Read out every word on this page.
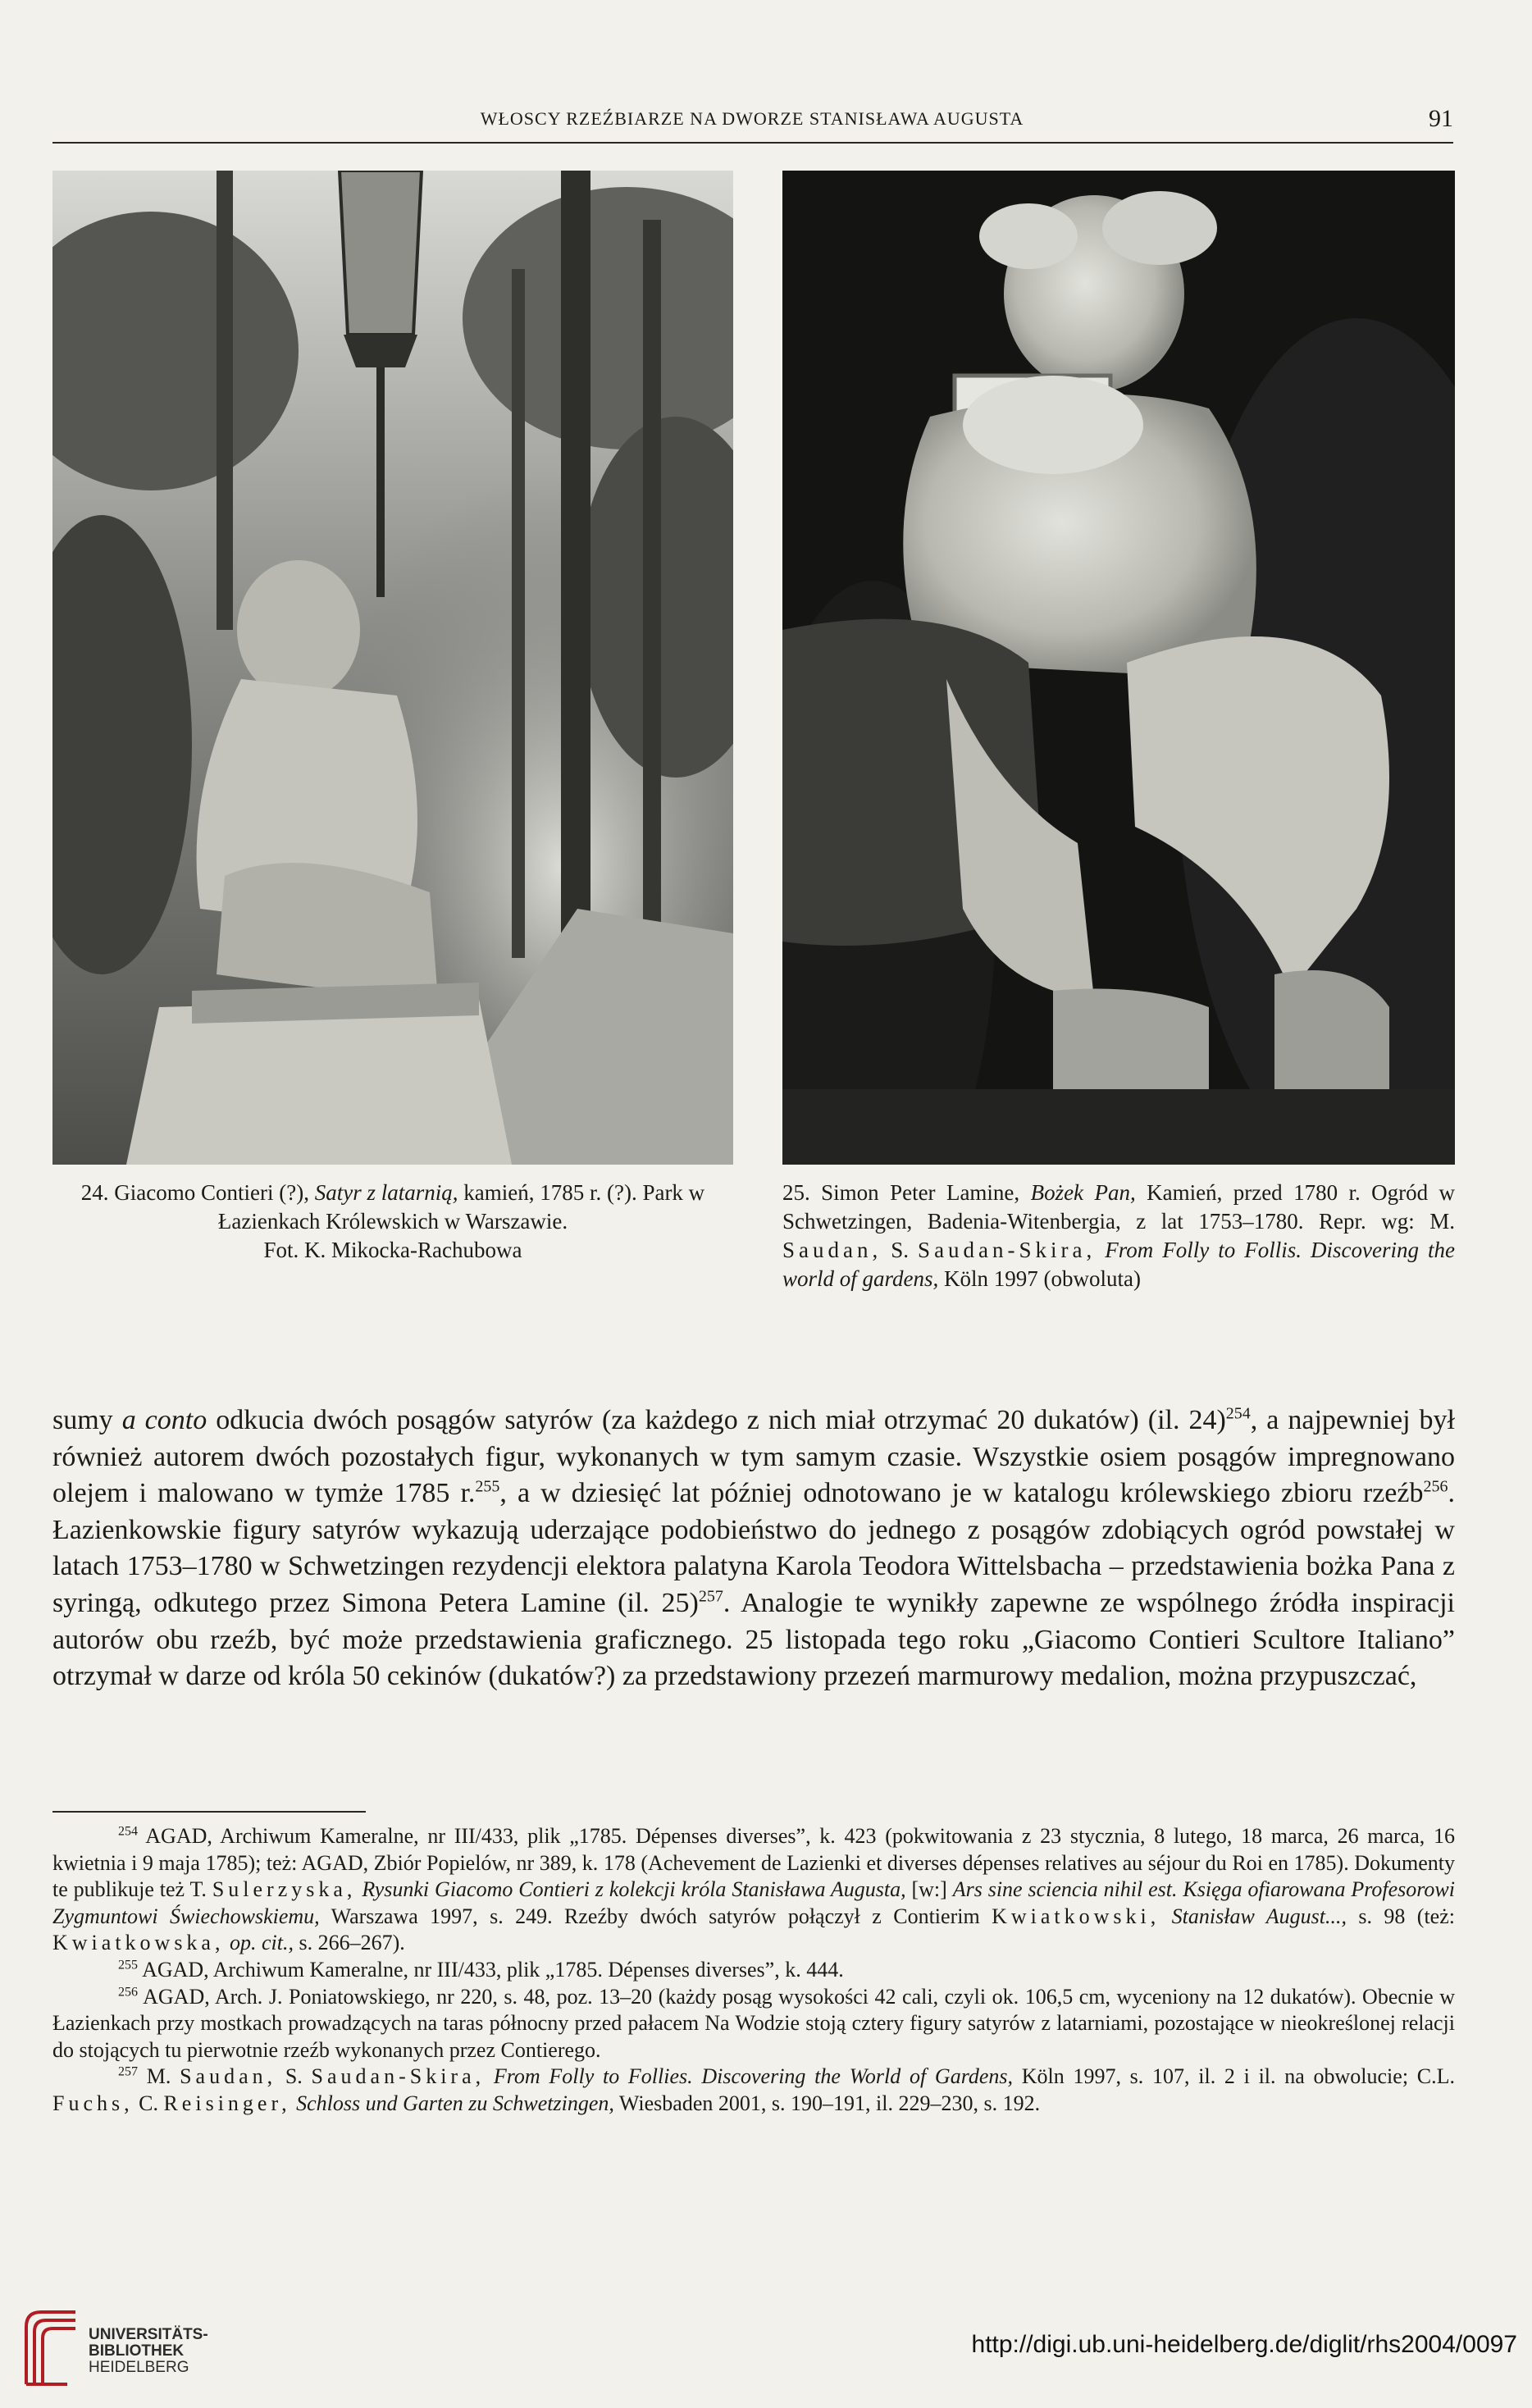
WŁOSCY RZEŹBIARZE NA DWORZE STANISŁAWA AUGUSTA	91
24. Giacomo Contieri (?), Satyr z latarnią, kamień, 1785 r. (?). Park w Łazienkach Królewskich w Warszawie.
Fot. K. Mikocka-Rachubowa
25. Simon Peter Lamine, Bożek Pan, Kamień, przed 1780 r. Ogród w Schwetzingen, Badenia-Witenbergia, z lat 1753–1780. Repr. wg: M. Saudan, S. Saudan-Skira, From Folly to Follis. Discovering the world of gardens, Köln 1997 (obwoluta)
sumy a conto odkucia dwóch posągów satyrów (za każdego z nich miał otrzymać 20 dukatów) (il. 24)$^{254}$, a najpewniej był również autorem dwóch pozostałych figur, wykonanych w tym samym czasie. Wszystkie osiem posągów impregnowano olejem i malowano w tymże 1785 r.$^{255}$, a w dziesięć lat później odnotowano je w katalogu królewskiego zbioru rzeźb$^{256}$. Łazienkowskie figury satyrów wykazują uderzające podobieństwo do jednego z posągów zdobiących ogród powstałej w latach 1753–1780 w Schwetzingen rezydencji elektora palatyna Karola Teodora Wittelsbacha – przedstawienia bożka Pana z syringą, odkutego przez Simona Petera Lamine (il. 25)$^{257}$. Analogie te wynikły zapewne ze wspólnego źródła inspiracji autorów obu rzeźb, być może przedstawienia graficznego. 25 listopada tego roku „Giacomo Contieri Scultore Italiano” otrzymał w darze od króla 50 cekinów (dukatów?) za przedstawiony przezeń marmurowy medalion, można przypuszczać,

$^{254}$ AGAD, Archiwum Kameralne, nr III/433, plik „1785. Dépenses diverses”, k. 423 (pokwitowania z 23 stycznia, 8 lutego, 18 marca, 26 marca, 16 kwietnia i 9 maja 1785); też: AGAD, Zbiór Popielów, nr 389, k. 178 (Achevement de Lazienki et diverses dépenses relatives au séjour du Roi en 1785). Dokumenty te publikuje też T. Sulerzyska, Rysunki Giacomo Contieri z kolekcji króla Stanisława Augusta, [w:] Ars sine sciencia nihil est. Księga ofiarowana Profesorowi Zygmuntowi Świechowskiemu, Warszawa 1997, s. 249. Rzeźby dwóch satyrów połączył z Contierim Kwiatkowski, Stanisław August..., s. 98 (też: Kwiatkowska, op. cit., s. 266–267).

$^{255}$ AGAD, Archiwum Kameralne, nr III/433, plik „1785. Dépenses diverses”, k. 444.

$^{256}$ AGAD, Arch. J. Poniatowskiego, nr 220, s. 48, poz. 13–20 (każdy posąg wysokości 42 cali, czyli ok. 106,5 cm, wyceniony na 12 dukatów). Obecnie w Łazienkach przy mostkach prowadzących na taras północny przed pałacem Na Wodzie stoją cztery figury satyrów z latarniami, pozostające w nieokreślonej relacji do stojących tu pierwotnie rzeźb wykonanych przez Contierego.

$^{257}$ M. Saudan, S. Saudan-Skira, From Folly to Follies. Discovering the World of Gardens, Köln 1997, s. 107, il. 2 i il. na obwolucie; C.L. Fuchs, C. Reisinger, Schloss und Garten zu Schwetzingen, Wiesbaden 2001, s. 190–191, il. 229–230, s. 192.

UNIVERSITÄTS-
BIBLIOTHEK
HEIDELBERG
http://digi.ub.uni-heidelberg.de/diglit/rhs2004/0097
